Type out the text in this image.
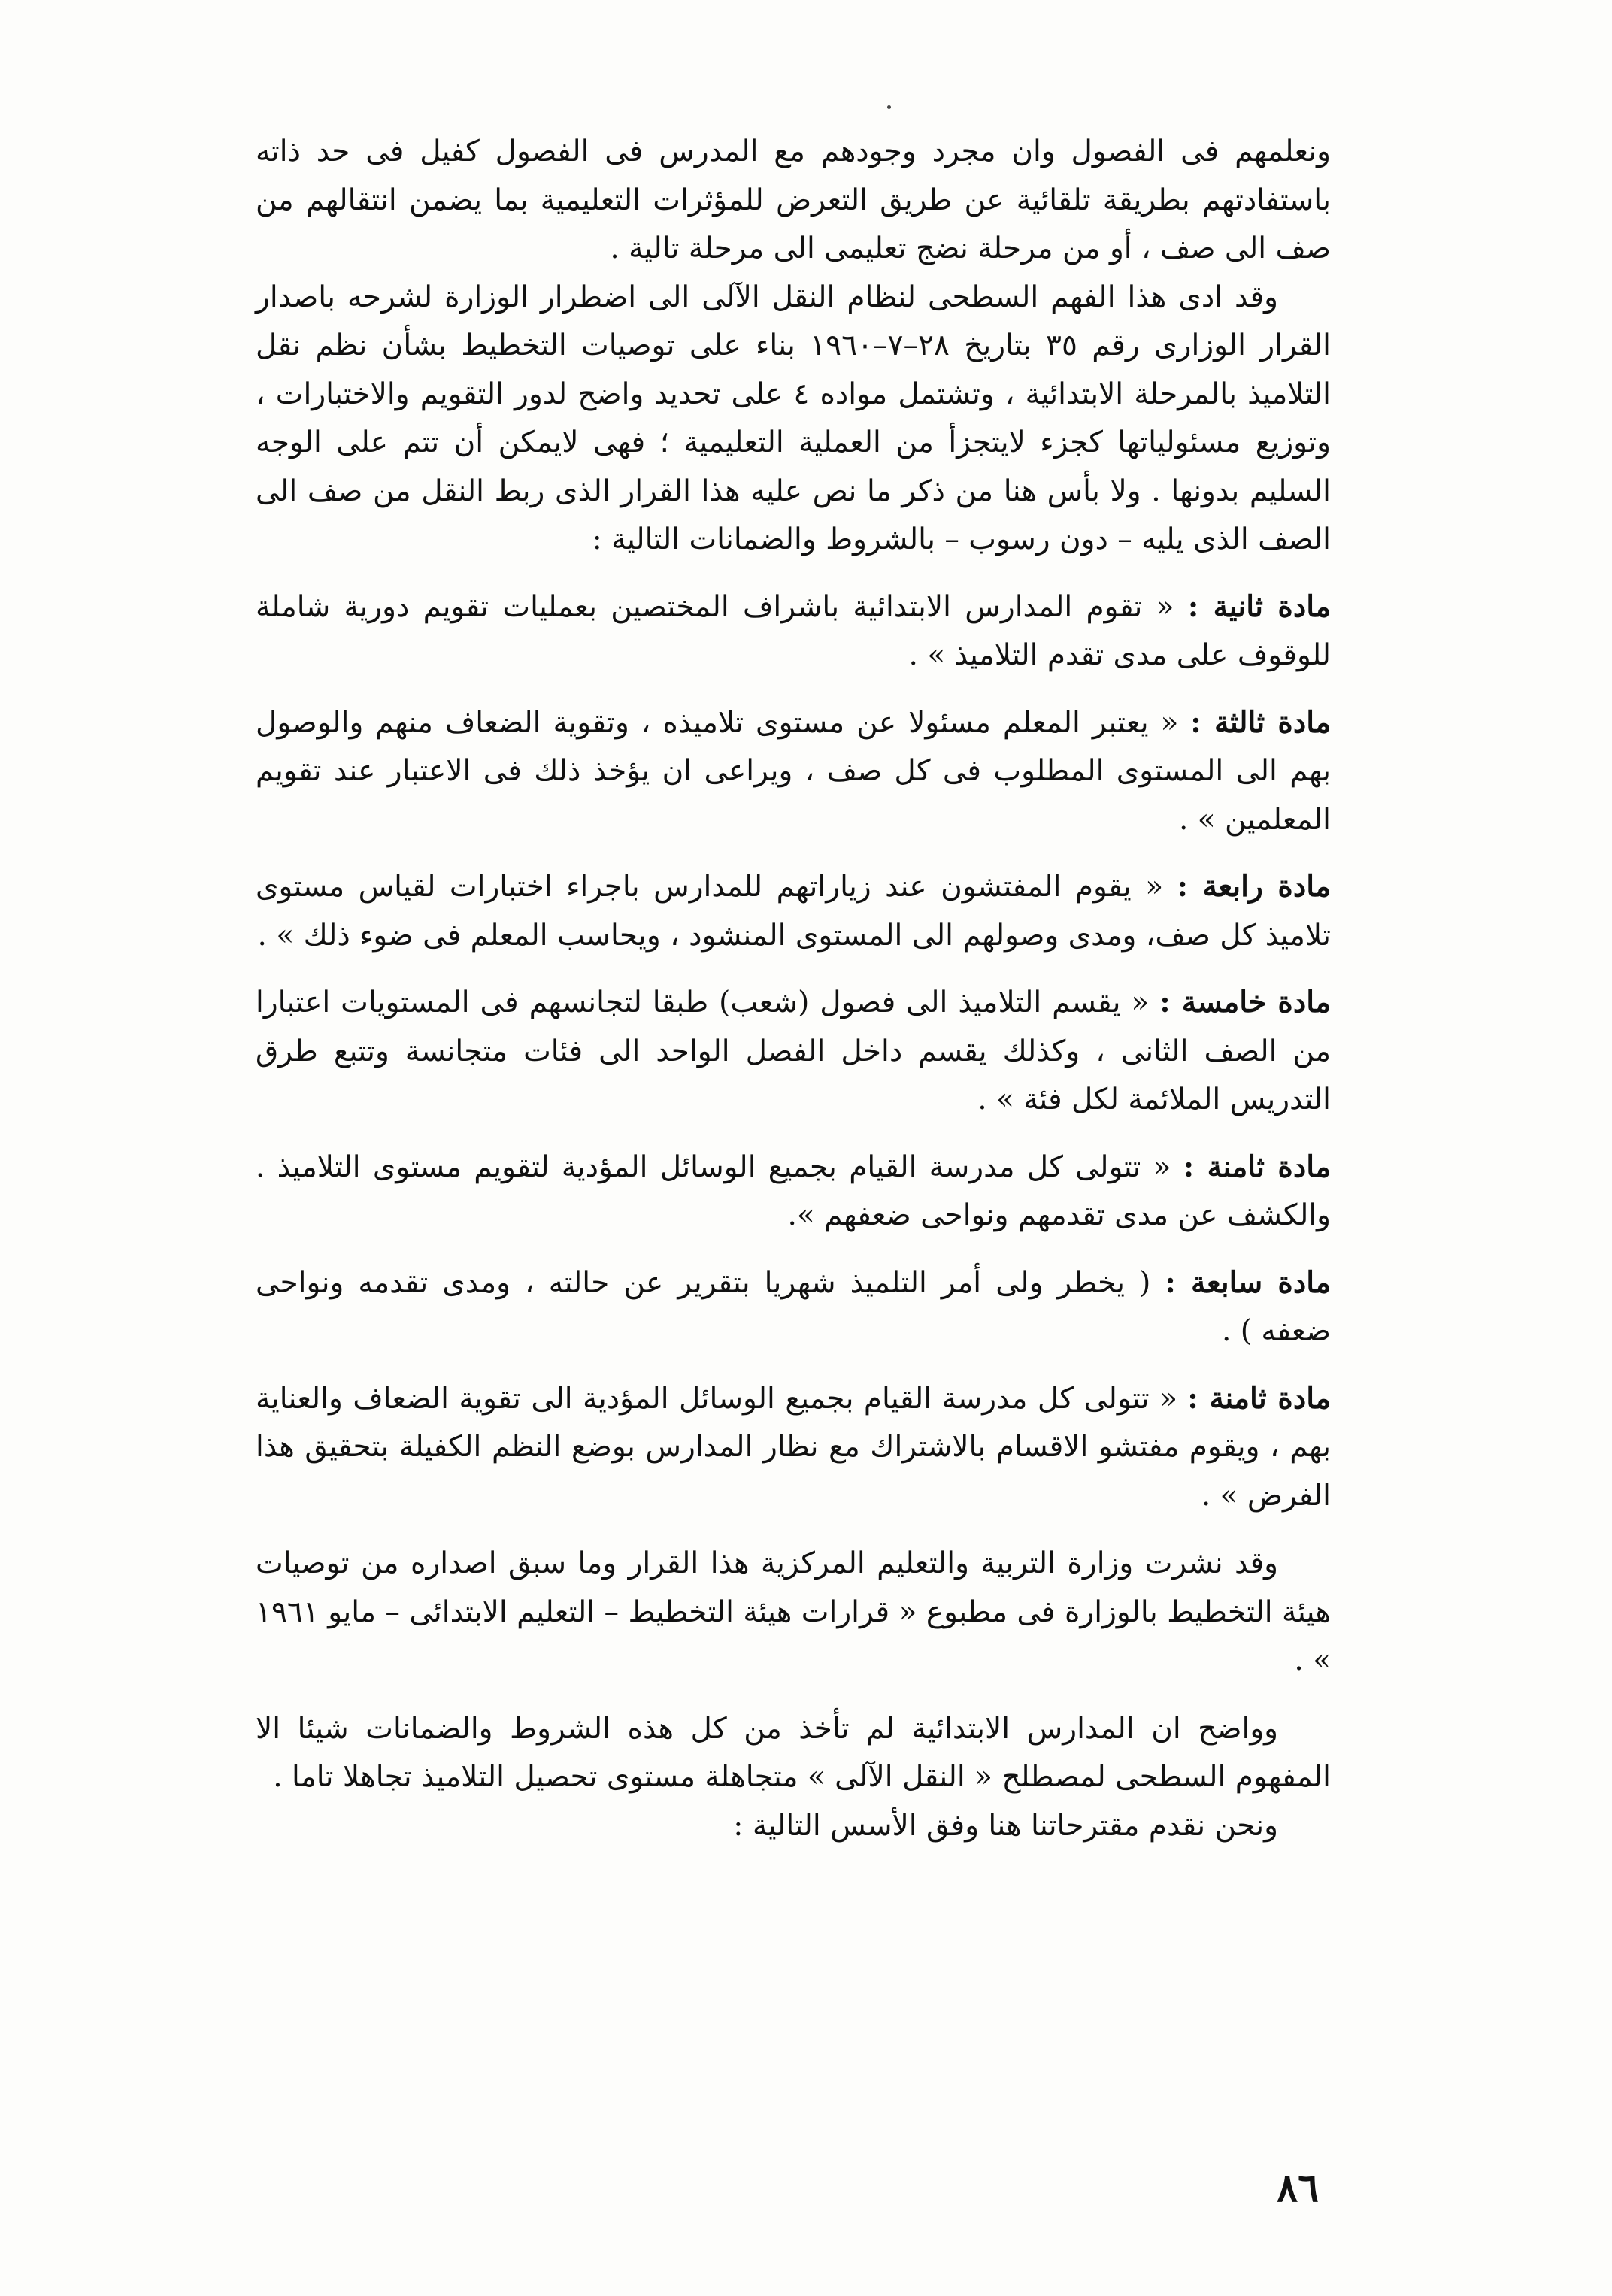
ونعلمهم فى الفصول وان مجرد وجودهم مع المدرس فى الفصول كفيل فى حد ذاته باستفادتهم بطريقة تلقائية عن طريق التعرض للمؤثرات التعليمية بما يضمن انتقالهم من صف الى صف ، أو من مرحلة نضج تعليمى الى مرحلة تالية .

وقد ادى هذا الفهم السطحى لنظام النقل الآلى الى اضطرار الوزارة لشرحه باصدار القرار الوزارى رقم ٣٥ بتاريخ ٢٨–٧–١٩٦٠ بناء على توصيات التخطيط بشأن نظم نقل التلاميذ بالمرحلة الابتدائية ، وتشتمل مواده ٤ على تحديد واضح لدور التقويم والاختبارات ، وتوزيع مسئولياتها كجزء لايتجزأ من العملية التعليمية ؛ فهى لايمكن أن تتم على الوجه السليم بدونها . ولا بأس هنا من ذكر ما نص عليه هذا القرار الذى ربط النقل من صف الى الصف الذى يليه – دون رسوب – بالشروط والضمانات التالية :

مادة ثانية : « تقوم المدارس الابتدائية باشراف المختصين بعمليات تقويم دورية شاملة للوقوف على مدى تقدم التلاميذ » .

مادة ثالثة : « يعتبر المعلم مسئولا عن مستوى تلاميذه ، وتقوية الضعاف منهم والوصول بهم الى المستوى المطلوب فى كل صف ، ويراعى ان يؤخذ ذلك فى الاعتبار عند تقويم المعلمين » .

مادة رابعة : « يقوم المفتشون عند زياراتهم للمدارس باجراء اختبارات لقياس مستوى تلاميذ كل صف، ومدى وصولهم الى المستوى المنشود ، ويحاسب المعلم فى ضوء ذلك » .

مادة خامسة : « يقسم التلاميذ الى فصول (شعب) طبقا لتجانسهم فى المستويات اعتبارا من الصف الثانى ، وكذلك يقسم داخل الفصل الواحد الى فئات متجانسة وتتبع طرق التدريس الملائمة لكل فئة » .

مادة ثامنة : « تتولى كل مدرسة القيام بجميع الوسائل المؤدية لتقويم مستوى التلاميذ . والكشف عن مدى تقدمهم ونواحى ضعفهم ».

مادة سابعة : ( يخطر ولى أمر التلميذ شهريا بتقرير عن حالته ، ومدى تقدمه ونواحى ضعفه ) .

مادة ثامنة : « تتولى كل مدرسة القيام بجميع الوسائل المؤدية الى تقوية الضعاف والعناية بهم ، ويقوم مفتشو الاقسام بالاشتراك مع نظار المدارس بوضع النظم الكفيلة بتحقيق هذا الفرض » .

وقد نشرت وزارة التربية والتعليم المركزية هذا القرار وما سبق اصداره من توصيات هيئة التخطيط بالوزارة فى مطبوع « قرارات هيئة التخطيط – التعليم الابتدائى – مايو ١٩٦١ » .

وواضح ان المدارس الابتدائية لم تأخذ من كل هذه الشروط والضمانات شيئا الا المفهوم السطحى لمصطلح « النقل الآلى » متجاهلة مستوى تحصيل التلاميذ تجاهلا تاما .

ونحن نقدم مقترحاتنا هنا وفق الأسس التالية :

٨٦
